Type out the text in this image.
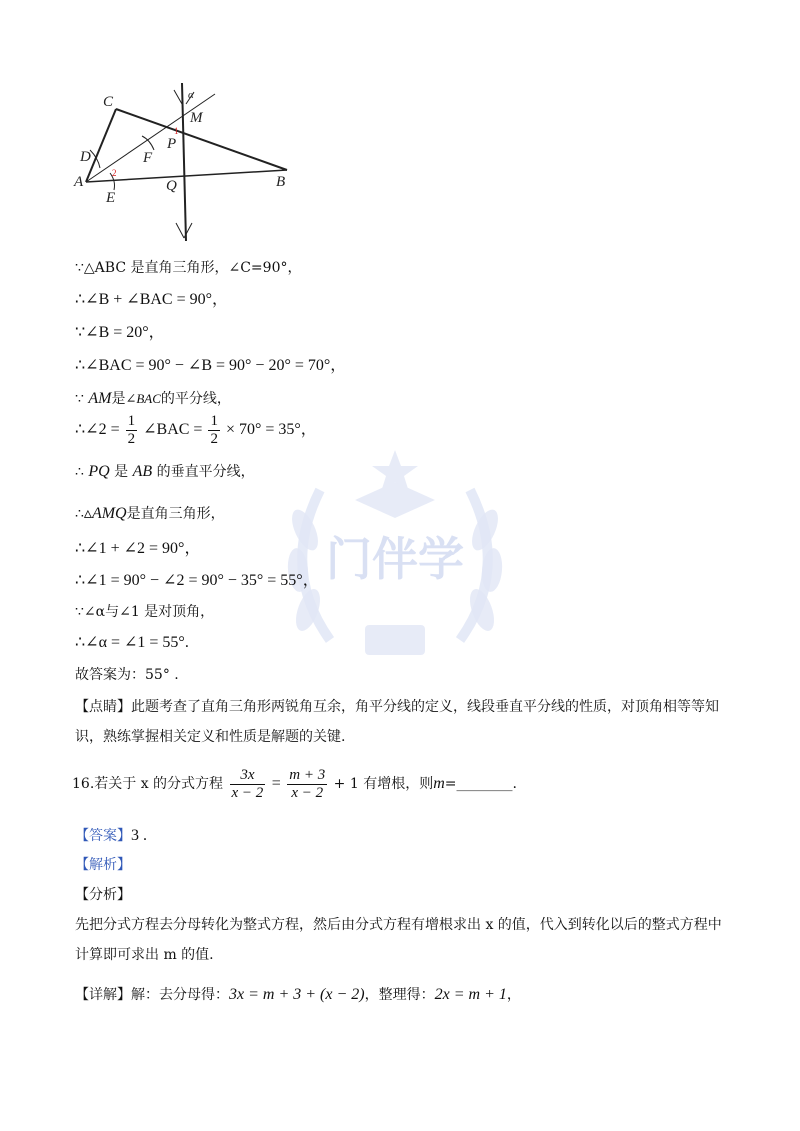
门伴学
C
D
A
E
F
P
M
Q	B
α
1
2
∵△ABC 是直角三角形，∠C=90°，
∴∠B + ∠BAC = 90°，
∵∠B = 20°，
∴∠BAC = 90° − ∠B = 90° − 20° = 70°，
∵ AM是∠BAC的平分线，
∴∠2 = $\frac{1}{2}$ ∠BAC = $\frac{1}{2} \times 70^\circ = 35^\circ$，
∴ PQ 是 AB 的垂直平分线，
∴▵AMQ是直角三角形，
∴∠1 + ∠2 = 90°，
∴∠1 = 90° − ∠2 = 90° − 35° = 55°，
∵∠α与∠1 是对顶角，
∴∠α = ∠1 = 55°.
故答案为：55° .
【点睛】此题考查了直角三角形两锐角互余，角平分线的定义，线段垂直平分线的性质，对顶角相等等知识，熟练掌握相关定义和性质是解题的关键.
16.若关于 x 的分式方程 $\frac{3x}{x - 2} = \frac{m + 3}{x - 2} + 1$ 有增根，则m=________.
【答案】3 .
【解析】
【分析】
先把分式方程去分母转化为整式方程，然后由分式方程有增根求出 x 的值，代入到转化以后的整式方程中计算即可求出 m 的值.
【详解】解：去分母得：3x = m + 3 + (x − 2)，整理得：2x = m + 1，
